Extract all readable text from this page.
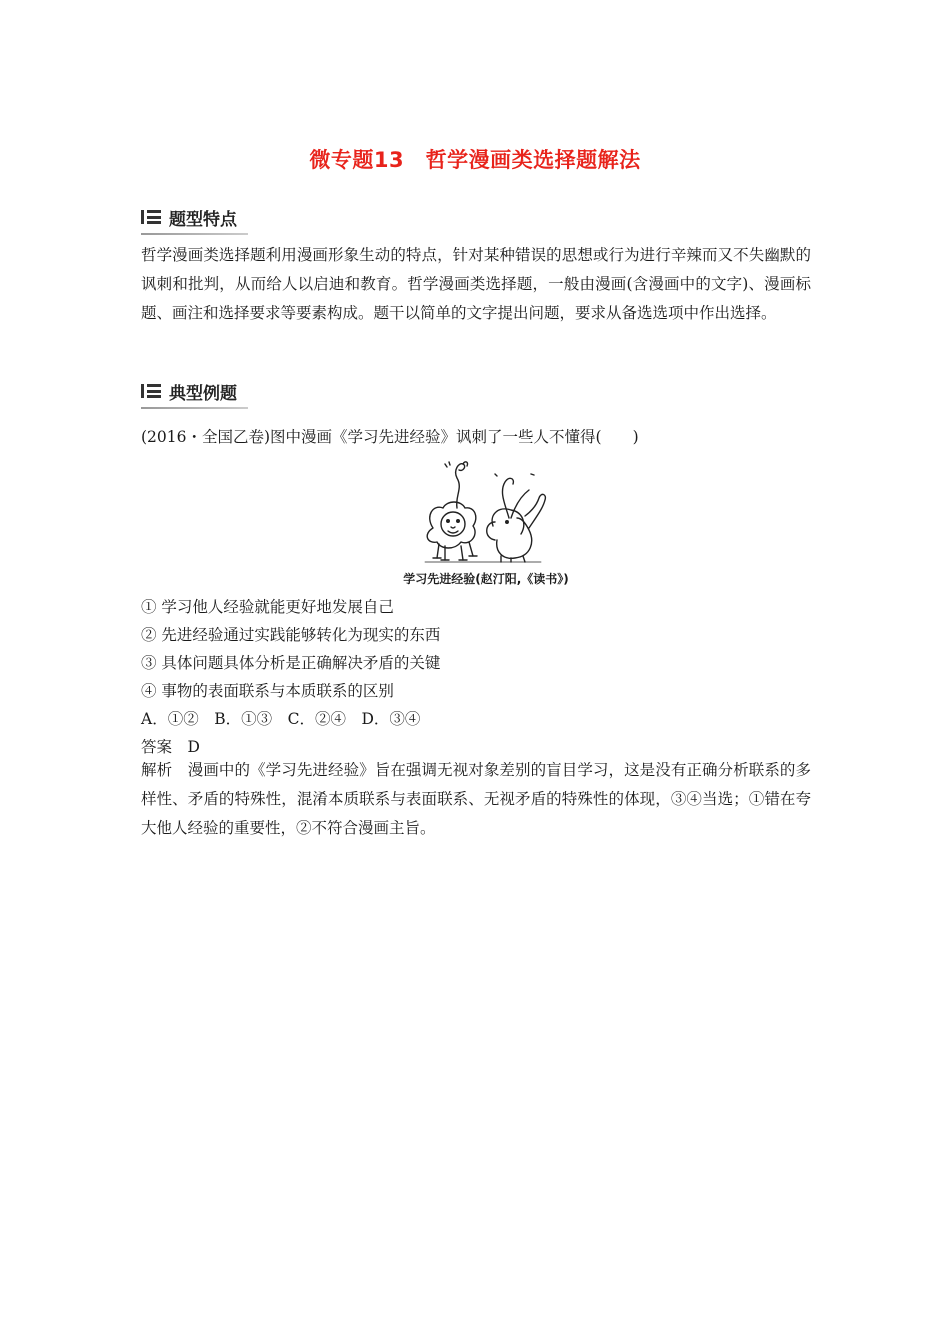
微专题13　哲学漫画类选择题解法
题型特点
哲学漫画类选择题利用漫画形象生动的特点，针对某种错误的思想或行为进行辛辣而又不失幽默的讽刺和批判，从而给人以启迪和教育。哲学漫画类选择题，一般由漫画(含漫画中的文字)、漫画标题、画注和选择要求等要素构成。题干以简单的文字提出问题，要求从备选选项中作出选择。
典型例题
(2016・全国乙卷)图中漫画《学习先进经验》讽刺了一些人不懂得(　　)
学习先进经验(赵汀阳,《读书》)
① 学习他人经验就能更好地发展自己
② 先进经验通过实践能够转化为现实的东西
③ 具体问题具体分析是正确解决矛盾的关键
④ 事物的表面联系与本质联系的区别
A．①②　B．①③　C．②④　D．③④
答案　D
解析　漫画中的《学习先进经验》旨在强调无视对象差别的盲目学习，这是没有正确分析联系的多样性、矛盾的特殊性，混淆本质联系与表面联系、无视矛盾的特殊性的体现，③④当选；①错在夸大他人经验的重要性，②不符合漫画主旨。
